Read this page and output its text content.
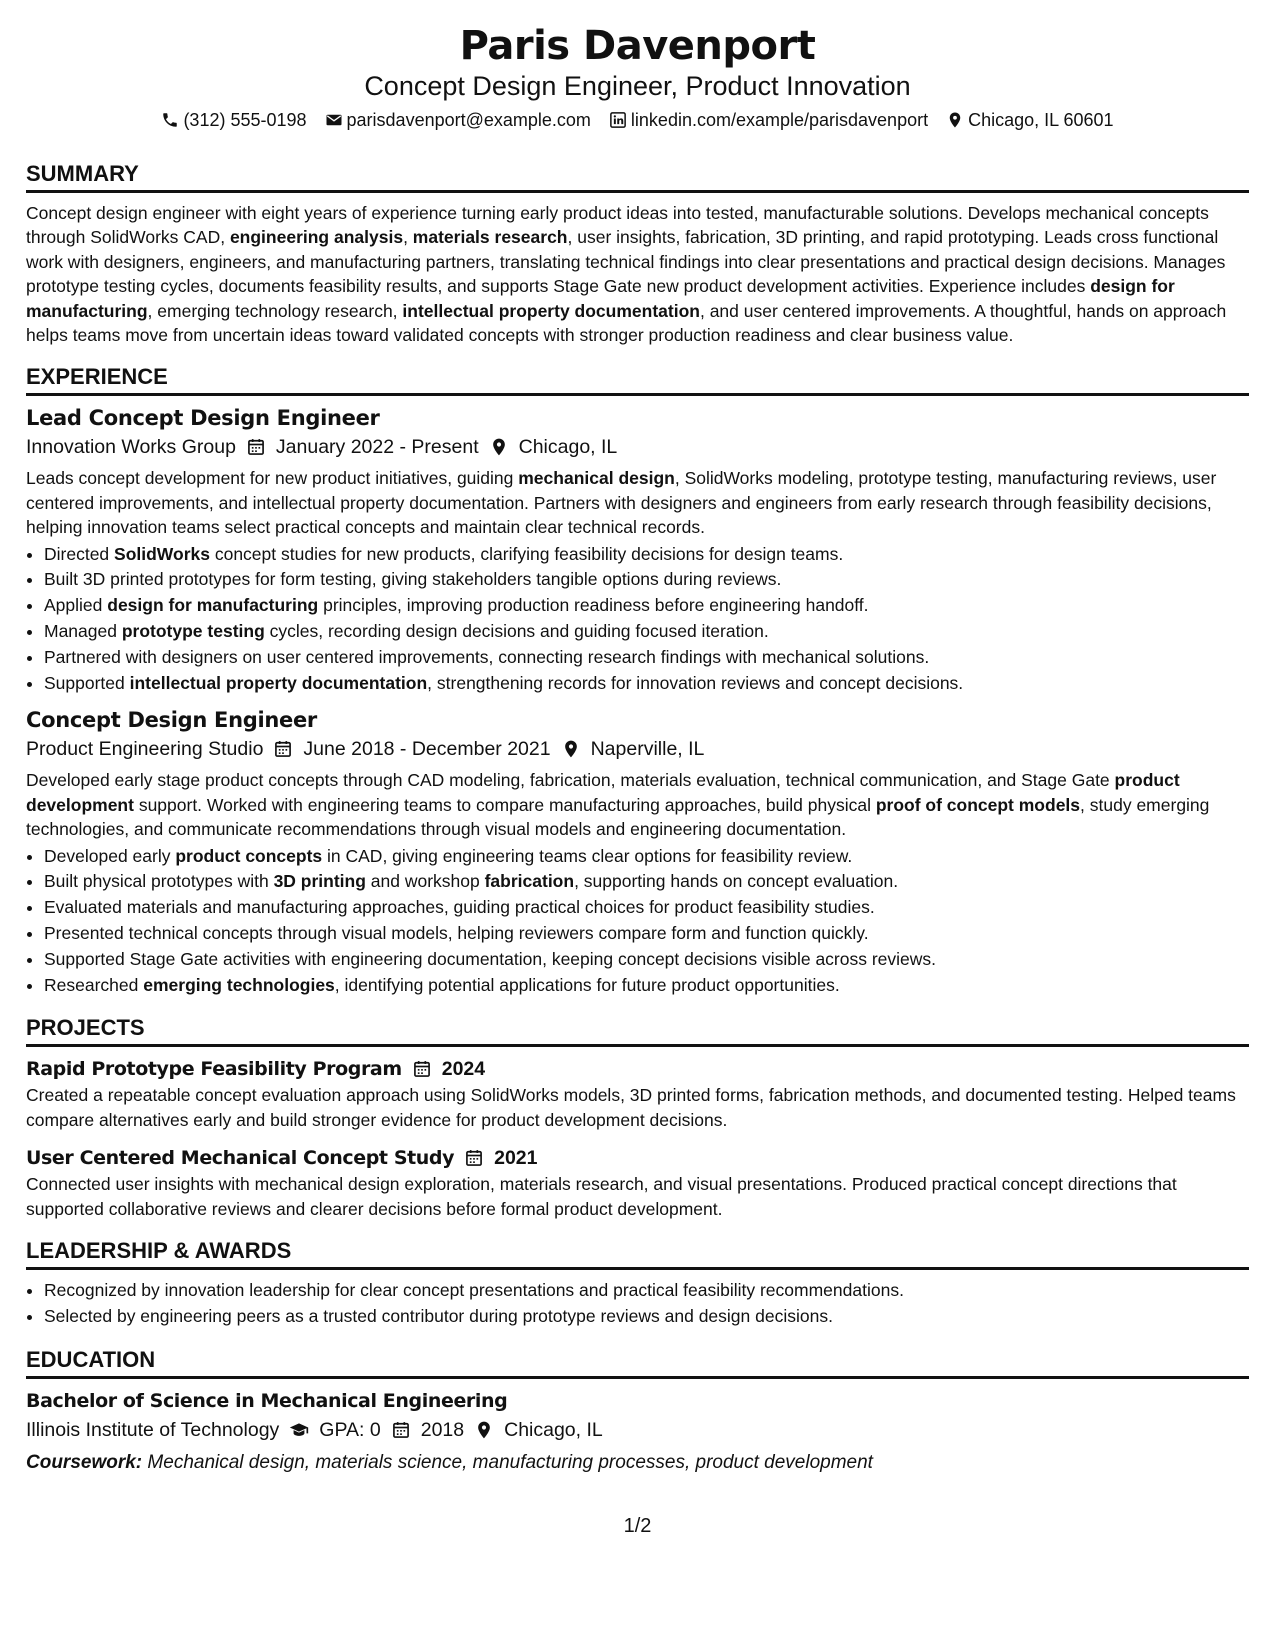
Paris Davenport
Concept Design Engineer, Product Innovation
(312) 555-0198 parisdavenport@example.com linkedin.com/example/parisdavenport Chicago, IL 60601
SUMMARY

Concept design engineer with eight years of experience turning early product ideas into tested, manufacturable solutions. Develops mechanical concepts through SolidWorks CAD, engineering analysis, materials research, user insights, fabrication, 3D printing, and rapid prototyping. Leads cross functional work with designers, engineers, and manufacturing partners, translating technical findings into clear presentations and practical design decisions. Manages prototype testing cycles, documents feasibility results, and supports Stage Gate new product development activities. Experience includes design for manufacturing, emerging technology research, intellectual property documentation, and user centered improvements. A thoughtful, hands on approach helps teams move from uncertain ideas toward validated concepts with stronger production readiness and clear business value.

EXPERIENCE
Lead Concept Design Engineer
Innovation Works Group January 2022 - Present Chicago, IL

Leads concept development for new product initiatives, guiding mechanical design, SolidWorks modeling, prototype testing, manufacturing reviews, user centered improvements, and intellectual property documentation. Partners with designers and engineers from early research through feasibility decisions, helping innovation teams select practical concepts and maintain clear technical records.

• Directed SolidWorks concept studies for new products, clarifying feasibility decisions for design teams.
• Built 3D printed prototypes for form testing, giving stakeholders tangible options during reviews.
• Applied design for manufacturing principles, improving production readiness before engineering handoff.
• Managed prototype testing cycles, recording design decisions and guiding focused iteration.
• Partnered with designers on user centered improvements, connecting research findings with mechanical solutions.
• Supported intellectual property documentation, strengthening records for innovation reviews and concept decisions.
Concept Design Engineer
Product Engineering Studio June 2018 - December 2021 Naperville, IL

Developed early stage product concepts through CAD modeling, fabrication, materials evaluation, technical communication, and Stage Gate product development support. Worked with engineering teams to compare manufacturing approaches, build physical proof of concept models, study emerging technologies, and communicate recommendations through visual models and engineering documentation.

• Developed early product concepts in CAD, giving engineering teams clear options for feasibility review.
• Built physical prototypes with 3D printing and workshop fabrication, supporting hands on concept evaluation.
• Evaluated materials and manufacturing approaches, guiding practical choices for product feasibility studies.
• Presented technical concepts through visual models, helping reviewers compare form and function quickly.
• Supported Stage Gate activities with engineering documentation, keeping concept decisions visible across reviews.
• Researched emerging technologies, identifying potential applications for future product opportunities.
PROJECTS
Rapid Prototype Feasibility Program 2024

Created a repeatable concept evaluation approach using SolidWorks models, 3D printed forms, fabrication methods, and documented testing. Helped teams compare alternatives early and build stronger evidence for product development decisions.

User Centered Mechanical Concept Study 2021

Connected user insights with mechanical design exploration, materials research, and visual presentations. Produced practical concept directions that supported collaborative reviews and clearer decisions before formal product development.

LEADERSHIP & AWARDS
• Recognized by innovation leadership for clear concept presentations and practical feasibility recommendations.
• Selected by engineering peers as a trusted contributor during prototype reviews and design decisions.
EDUCATION
Bachelor of Science in Mechanical Engineering
Illinois Institute of Technology GPA: 0 2018 Chicago, IL
Coursework: Mechanical design, materials science, manufacturing processes, product development
1/2
